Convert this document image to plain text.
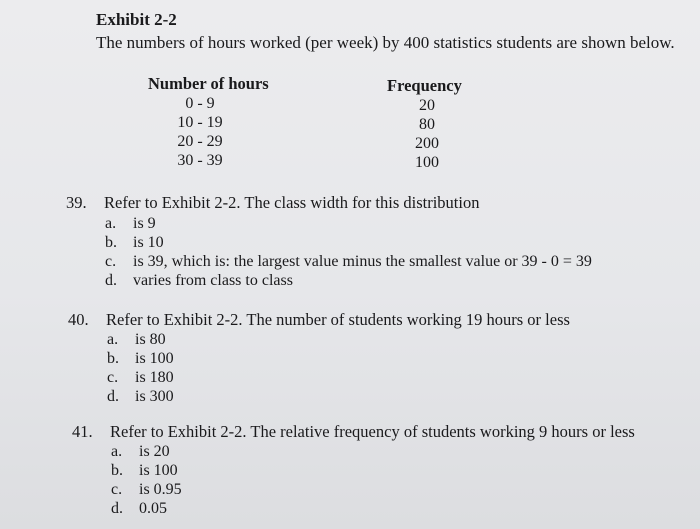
Exhibit 2-2
The numbers of hours worked (per week) by 400 statistics students are shown below.
Number of hours
0 - 9
10 - 19
20 - 29
30 - 39
Frequency
20
80
200
100
39. Refer to Exhibit 2-2. The class width for this distribution
a. is 9
b. is 10
c. is 39, which is: the largest value minus the smallest value or 39 - 0 = 39
d. varies from class to class
40. Refer to Exhibit 2-2. The number of students working 19 hours or less
a. is 80
b. is 100
c. is 180
d. is 300
41. Refer to Exhibit 2-2. The relative frequency of students working 9 hours or less
a. is 20
b. is 100
c. is 0.95
d. 0.05
